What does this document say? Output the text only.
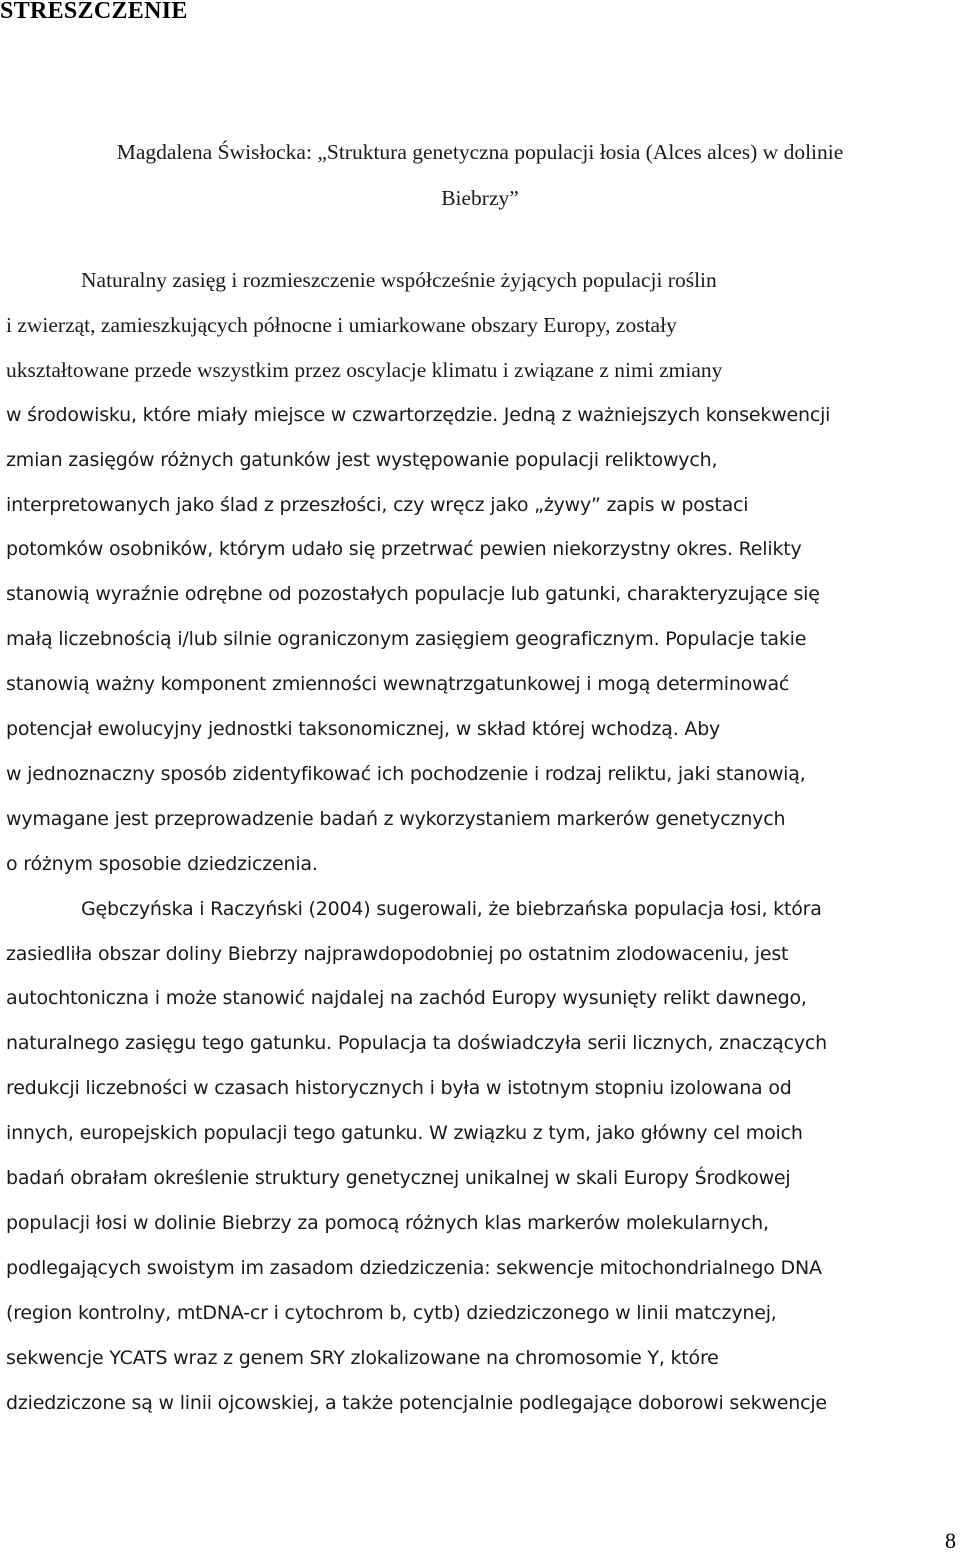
STRESZCZENIE
Magdalena Świsłocka: „Struktura genetyczna populacji łosia (Alces alces) w dolinie
Biebrzy”
Naturalny zasięg i rozmieszczenie współcześnie żyjących populacji roślin
i zwierząt, zamieszkujących północne i umiarkowane obszary Europy, zostały
ukształtowane przede wszystkim przez oscylacje klimatu i związane z nimi zmiany
w środowisku, które miały miejsce w czwartorzędzie. Jedną z ważniejszych konsekwencji
zmian zasięgów różnych gatunków jest występowanie populacji reliktowych,
interpretowanych jako ślad z przeszłości, czy wręcz jako „żywy” zapis w postaci
potomków osobników, którym udało się przetrwać pewien niekorzystny okres. Relikty
stanowią wyraźnie odrębne od pozostałych populacje lub gatunki, charakteryzujące się
małą liczebnością i/lub silnie ograniczonym zasięgiem geograficznym. Populacje takie
stanowią ważny komponent zmienności wewnątrzgatunkowej i mogą determinować
potencjał ewolucyjny jednostki taksonomicznej, w skład której wchodzą. Aby
w jednoznaczny sposób zidentyfikować ich pochodzenie i rodzaj reliktu, jaki stanowią,
wymagane jest przeprowadzenie badań z wykorzystaniem markerów genetycznych
o różnym sposobie dziedziczenia.
Gębczyńska i Raczyński (2004) sugerowali, że biebrzańska populacja łosi, która
zasiedliła obszar doliny Biebrzy najprawdopodobniej po ostatnim zlodowaceniu, jest
autochtoniczna i może stanowić najdalej na zachód Europy wysunięty relikt dawnego,
naturalnego zasięgu tego gatunku. Populacja ta doświadczyła serii licznych, znaczących
redukcji liczebności w czasach historycznych i była w istotnym stopniu izolowana od
innych, europejskich populacji tego gatunku. W związku z tym, jako główny cel moich
badań obrałam określenie struktury genetycznej unikalnej w skali Europy Środkowej
populacji łosi w dolinie Biebrzy za pomocą różnych klas markerów molekularnych,
podlegających swoistym im zasadom dziedziczenia: sekwencje mitochondrialnego DNA
(region kontrolny, mtDNA-cr i cytochrom b, cytb) dziedziczonego w linii matczynej,
sekwencje YCATS wraz z genem SRY zlokalizowane na chromosomie Y, które
dziedziczone są w linii ojcowskiej, a także potencjalnie podlegające doborowi sekwencje
8
